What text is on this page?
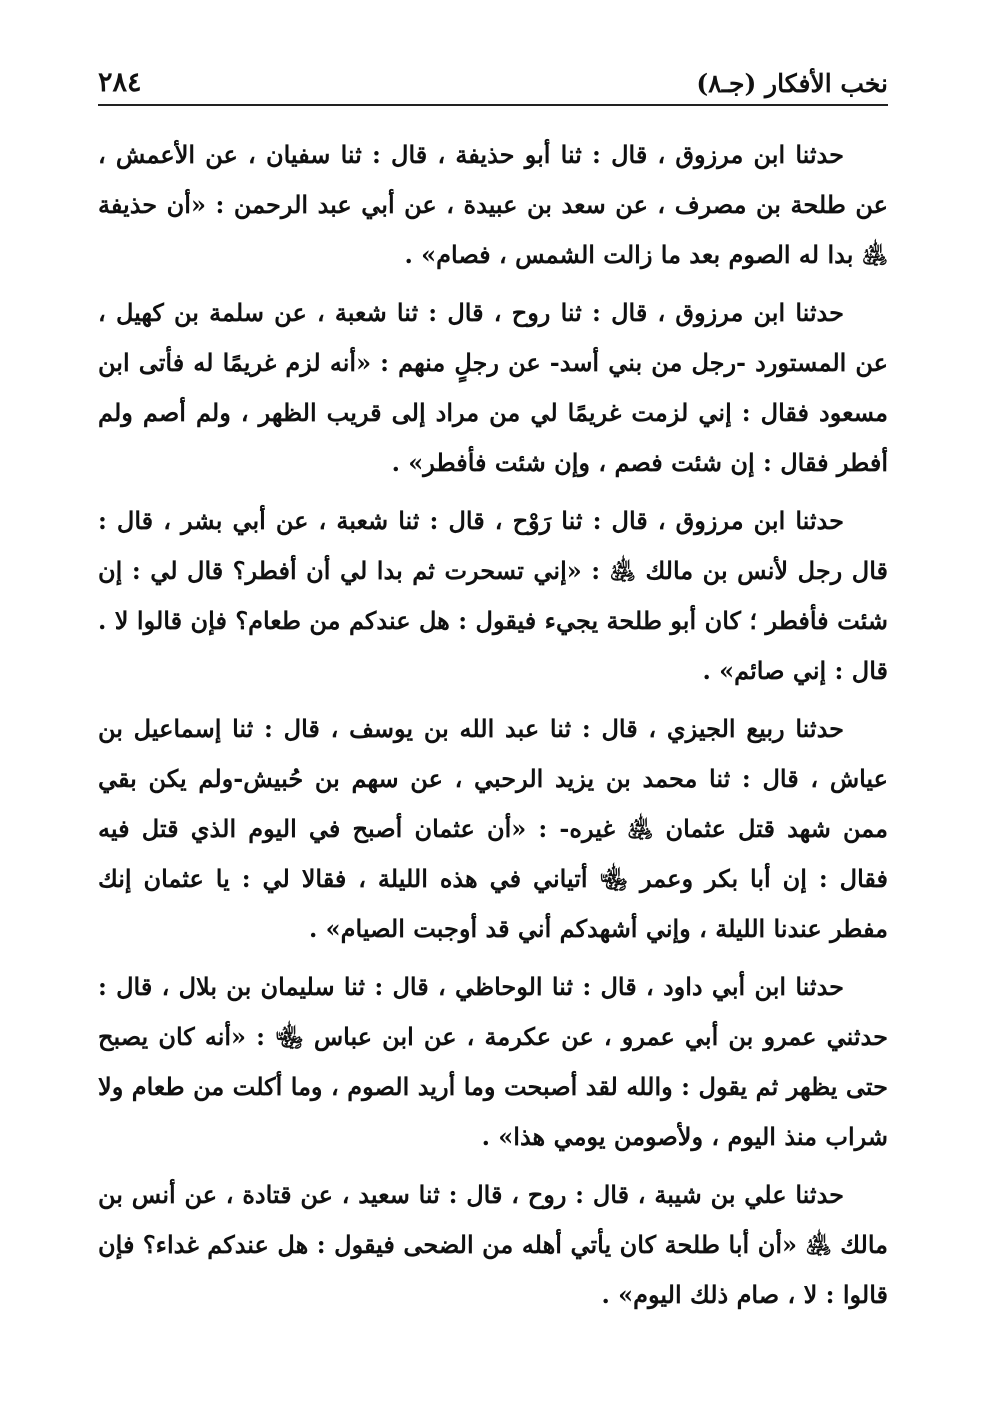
نخب الأفكار (جـ٨)
٢٨٤

حدثنا ابن مرزوق ، قال : ثنا أبو حذيفة ، قال : ثنا سفيان ، عن الأعمش ، عن طلحة بن مصرف ، عن سعد بن عبيدة ، عن أبي عبد الرحمن : «أن حذيفة ﵁ بدا له الصوم بعد ما زالت الشمس ، فصام» .

حدثنا ابن مرزوق ، قال : ثنا روح ، قال : ثنا شعبة ، عن سلمة بن كهيل ، عن المستورد -رجل من بني أسد- عن رجلٍ منهم : «أنه لزم غريمًا له فأتى ابن مسعود فقال : إني لزمت غريمًا لي من مراد إلى قريب الظهر ، ولم أصم ولم أفطر فقال : إن شئت فصم ، وإن شئت فأفطر» .

حدثنا ابن مرزوق ، قال : ثنا رَوْح ، قال : ثنا شعبة ، عن أبي بشر ، قال : قال رجل لأنس بن مالك ﵁ : «إني تسحرت ثم بدا لي أن أفطر؟ قال لي : إن شئت فأفطر ؛ كان أبو طلحة يجيء فيقول : هل عندكم من طعام؟ فإن قالوا لا . قال : إني صائم» .

حدثنا ربيع الجيزي ، قال : ثنا عبد الله بن يوسف ، قال : ثنا إسماعيل بن عياش ، قال : ثنا محمد بن يزيد الرحبي ، عن سهم بن حُبيش-ولم يكن بقي ممن شهد قتل عثمان ﵁ غيره- : «أن عثمان أصبح في اليوم الذي قتل فيه فقال : إن أبا بكر وعمر ﵄ أتياني في هذه الليلة ، فقالا لي : يا عثمان إنك مفطر عندنا الليلة ، وإني أشهدكم أني قد أوجبت الصيام» .

حدثنا ابن أبي داود ، قال : ثنا الوحاظي ، قال : ثنا سليمان بن بلال ، قال : حدثني عمرو بن أبي عمرو ، عن عكرمة ، عن ابن عباس ﵄ : «أنه كان يصبح حتى يظهر ثم يقول : والله لقد أصبحت وما أريد الصوم ، وما أكلت من طعام ولا شراب منذ اليوم ، ولأصومن يومي هذا» .

حدثنا علي بن شيبة ، قال : روح ، قال : ثنا سعيد ، عن قتادة ، عن أنس بن مالك ﵁ «أن أبا طلحة كان يأتي أهله من الضحى فيقول : هل عندكم غداء؟ فإن قالوا : لا ، صام ذلك اليوم» .
